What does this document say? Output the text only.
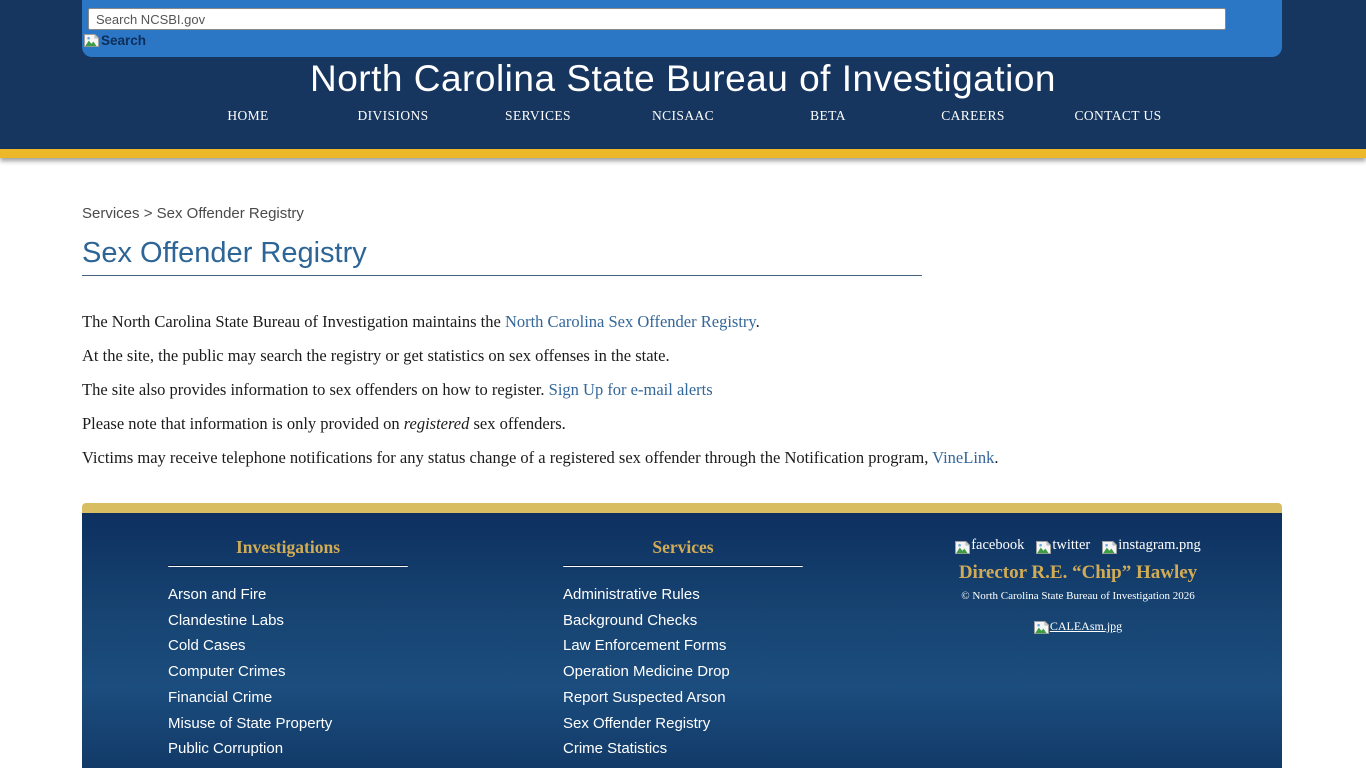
Search NCSBI.gov
Search
North Carolina State Bureau of Investigation
HOME	DIVISIONS	SERVICES	NCISAAC	BETA	CAREERS	CONTACT US
Services > Sex Offender Registry
Sex Offender Registry

The North Carolina State Bureau of Investigation maintains the North Carolina Sex Offender Registry.

At the site, the public may search the registry or get statistics on sex offenses in the state.

The site also provides information to sex offenders on how to register. Sign Up for e-mail alerts

Please note that information is only provided on registered sex offenders.

Victims may receive telephone notifications for any status change of a registered sex offender through the Notification program, VineLink.

Investigations
Arson and Fire
Clandestine Labs
Cold Cases
Computer Crimes
Financial Crime
Misuse of State Property
Public Corruption
Services
Administrative Rules
Background Checks
Law Enforcement Forms
Operation Medicine Drop
Report Suspected Arson
Sex Offender Registry
Crime Statistics
facebook twitter instagram.png
Director R.E. “Chip” Hawley
© North Carolina State Bureau of Investigation 2026
CALEAsm.jpg
